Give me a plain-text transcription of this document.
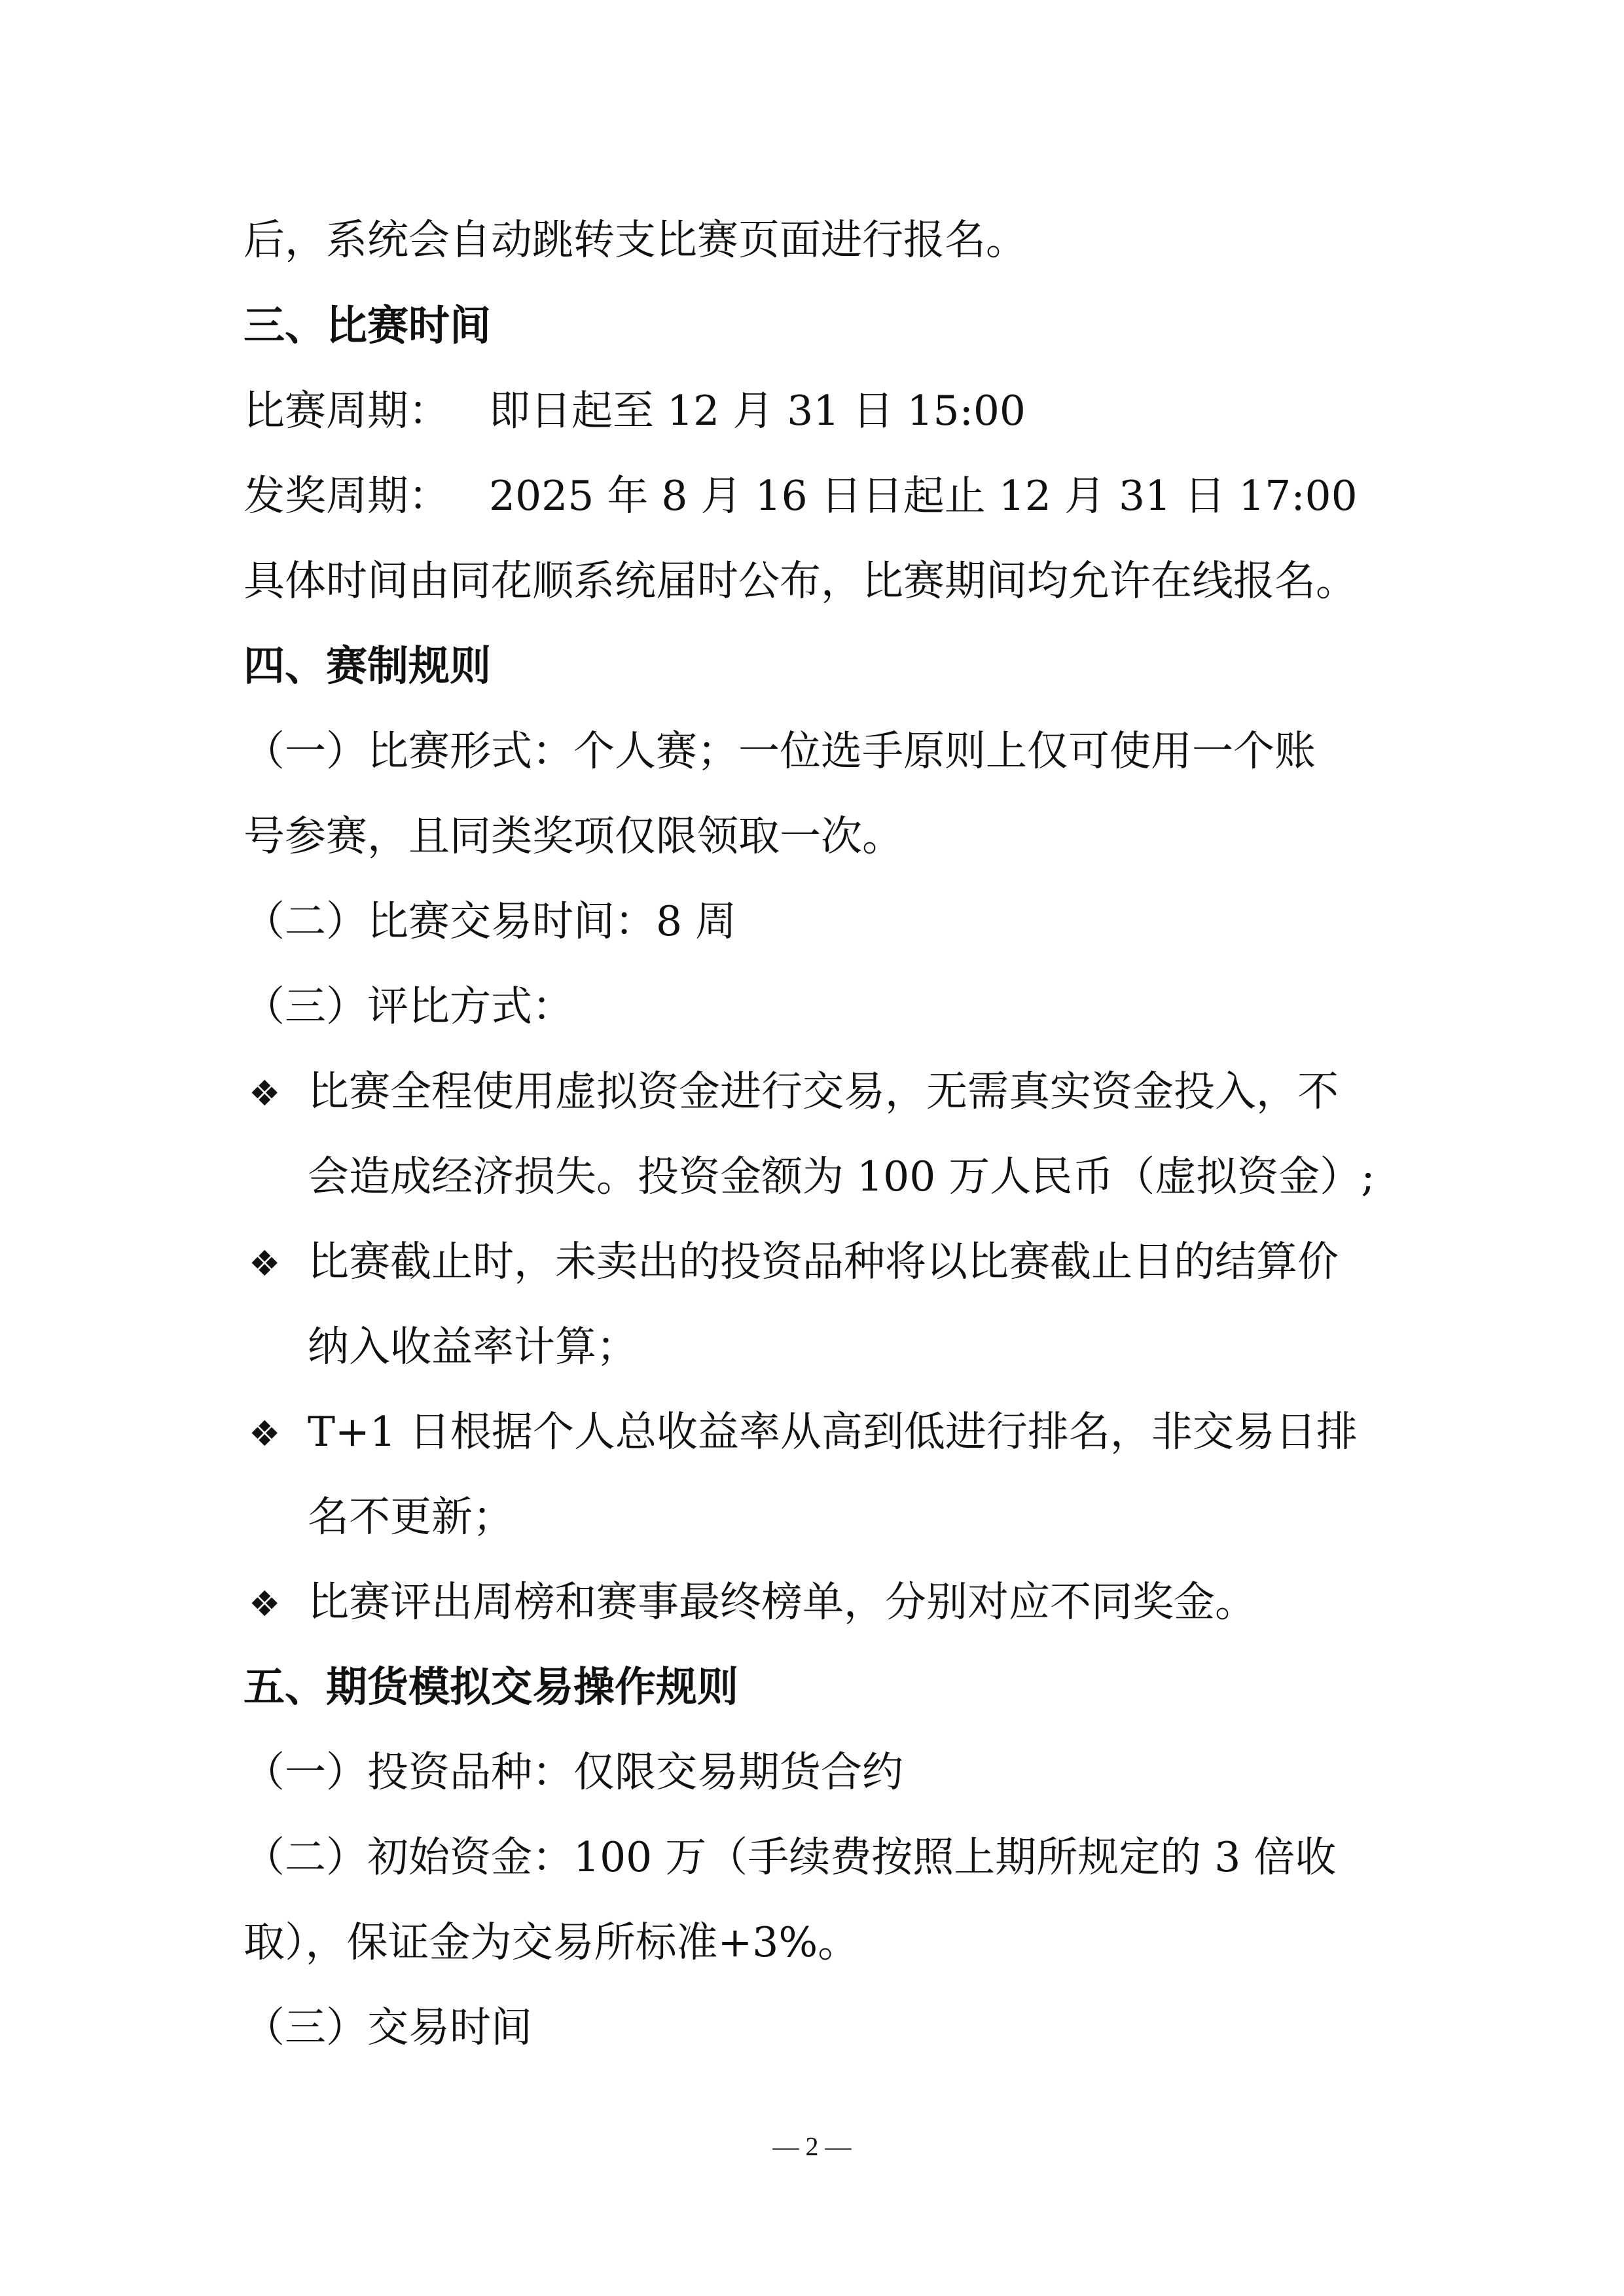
后，系统会自动跳转支比赛页面进行报名。
三、比赛时间
比赛周期： 即日起至 12 月 31 日 15:00
发奖周期： 2025 年 8 月 16 日日起止 12 月 31 日 17:00
具体时间由同花顺系统届时公布，比赛期间均允许在线报名。
四、赛制规则
（一）比赛形式：个人赛；一位选手原则上仅可使用一个账
号参赛，且同类奖项仅限领取一次。
（二）比赛交易时间：8 周
（三）评比方式：
❖ 比赛全程使用虚拟资金进行交易，无需真实资金投入，不
会造成经济损失。投资金额为 100 万人民币（虚拟资金）;
❖ 比赛截止时，未卖出的投资品种将以比赛截止日的结算价
纳入收益率计算；
❖ T+1 日根据个人总收益率从高到低进行排名，非交易日排
名不更新；
❖ 比赛评出周榜和赛事最终榜单，分别对应不同奖金。
五、期货模拟交易操作规则
（一）投资品种：仅限交易期货合约
（二）初始资金：100 万（手续费按照上期所规定的 3 倍收
取），保证金为交易所标准+3%。
（三）交易时间
— 2 —
